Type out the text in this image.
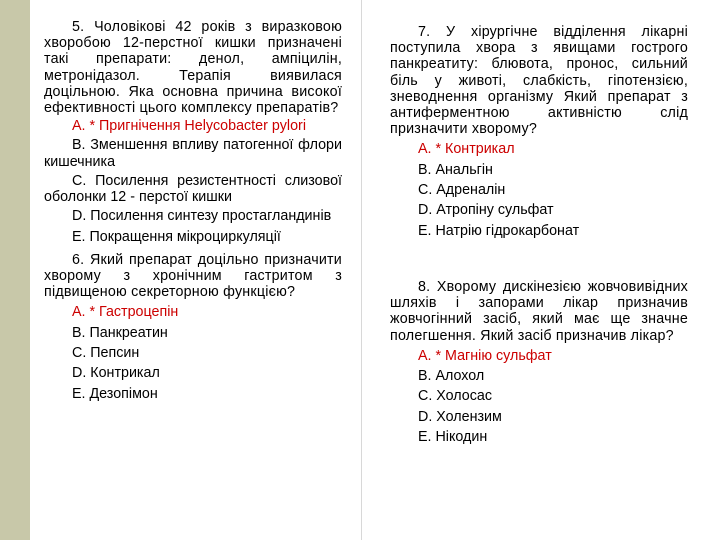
5. Чоловікові 42 років з виразковою хворобою 12-перстної кишки призначені такі препарати: денол, ампіцилін, метронідазол. Терапія виявилася доцільною. Яка основна причина високої ефективності цього комплексу препаратів?
A. * Пригнічення Helycobacter pylori
B. Зменшення впливу патогенної флори кишечника
C. Посилення резистентності слизової оболонки 12 - перстої кишки
D. Посилення синтезу простагландинів
E. Покращення мікроциркуляції
6. Який препарат доцільно призначити хворому з хронічним гастритом з підвищеною секреторною функцією?
A. * Гастроцепін
B. Панкреатин
C. Пепсин
D. Контрикал
E. Дезопімон
7. У хірургічне відділення лікарні поступила хвора з явищами гострого панкреатиту: блювота, пронос, сильний біль у животі, слабкість, гіпотензією, зневоднення організму Який препарат з антиферментною активністю слід призначити хворому?
A. * Контрикал
B. Анальгін
C. Адреналін
D. Атропіну сульфат
E. Натрію гідрокарбонат
8. Хворому дискінезією жовчовивідних шляхів і запорами лікар призначив жовчогінний засіб, який має ще значне полегшення. Який засіб призначив лікар?
A. * Магнію сульфат
B. Алохол
C. Холосас
D. Холензим
E. Нікодин
